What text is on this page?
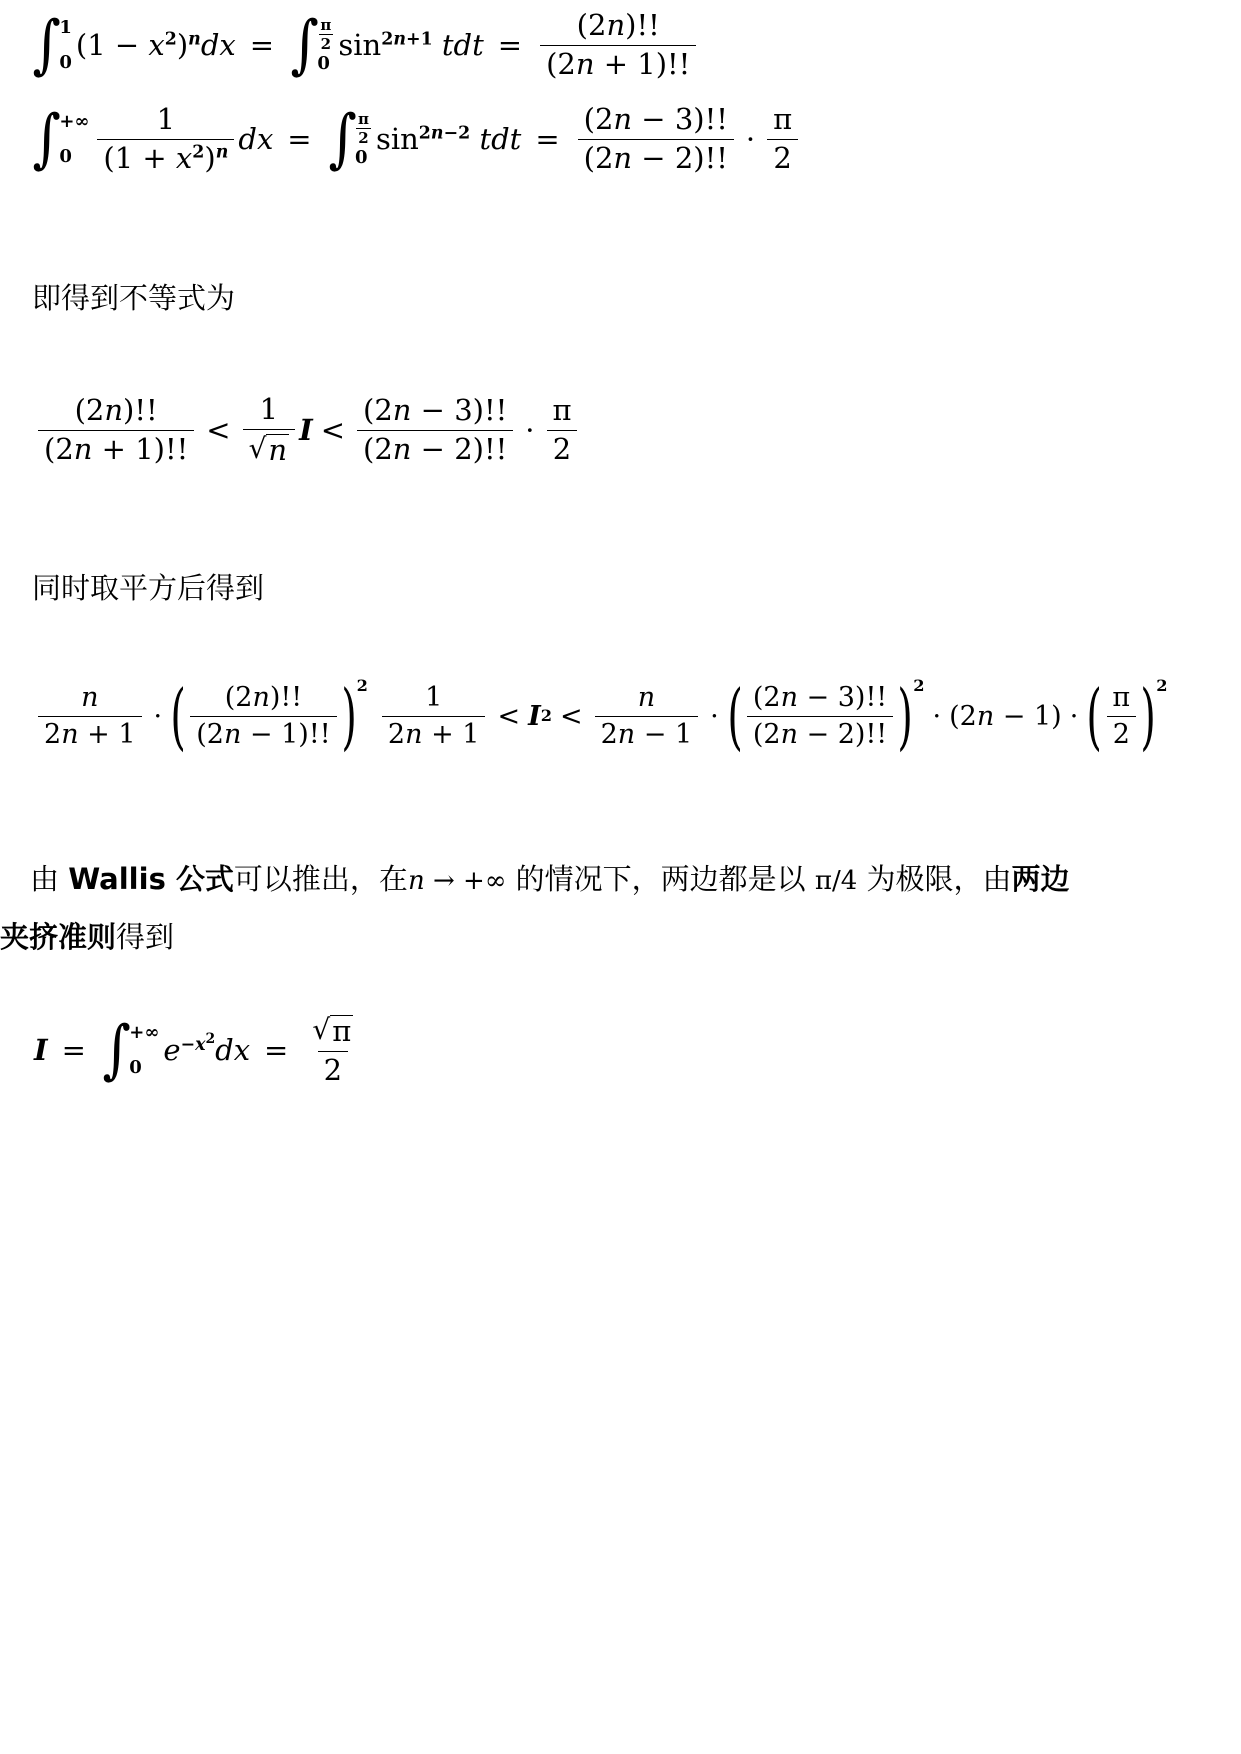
∫
1
0
$(1 - x^2)^ndx$ = ∫ $\frac{\pi}{2}$
0
$\sin^{2n+1}$ tdt = $\frac{(2n)!!}{(2n + 1)!!}$
∫
+∞
$0 \frac{1}{(1 + x^2)^n}$ dx = ∫ $\frac{\pi}{2}$
0
$\sin^{2n-2}$ tdt = $\frac{(2n - 3)!!}{(2n - 2)!!} \cdot \frac{\pi}{2}$
即得到不等式为
$\frac{(2n)!!}{(2n + 1)!!} < \frac{1}{√ n}$ $I < \frac{(2n - 3)!!}{(2n - 2)!!} \cdot \frac{\pi}{2}$
同时取平方后得到
$\frac{n}{2n + 1}$ · ( $\frac{(2n)!!}{(2n - 1)!!}$ ) $2 \frac{1}{2n + 1} < I$ $2 < \frac{n}{2n - 1}$ · ( $\frac{(2n - 3)!!}{(2n - 2)!!}$ ) 2
· (2n − 1) · ( $\frac{\pi}{2}$ ) 2
由 Wallis 公式可以推出，在n → +∞ 的情况下，两边都是以 π/4 为极限，由两边
夹挤准则得到
I = ∫
+∞
0
$e^{-x^2}dx = \frac{√ \pi}{2}$
